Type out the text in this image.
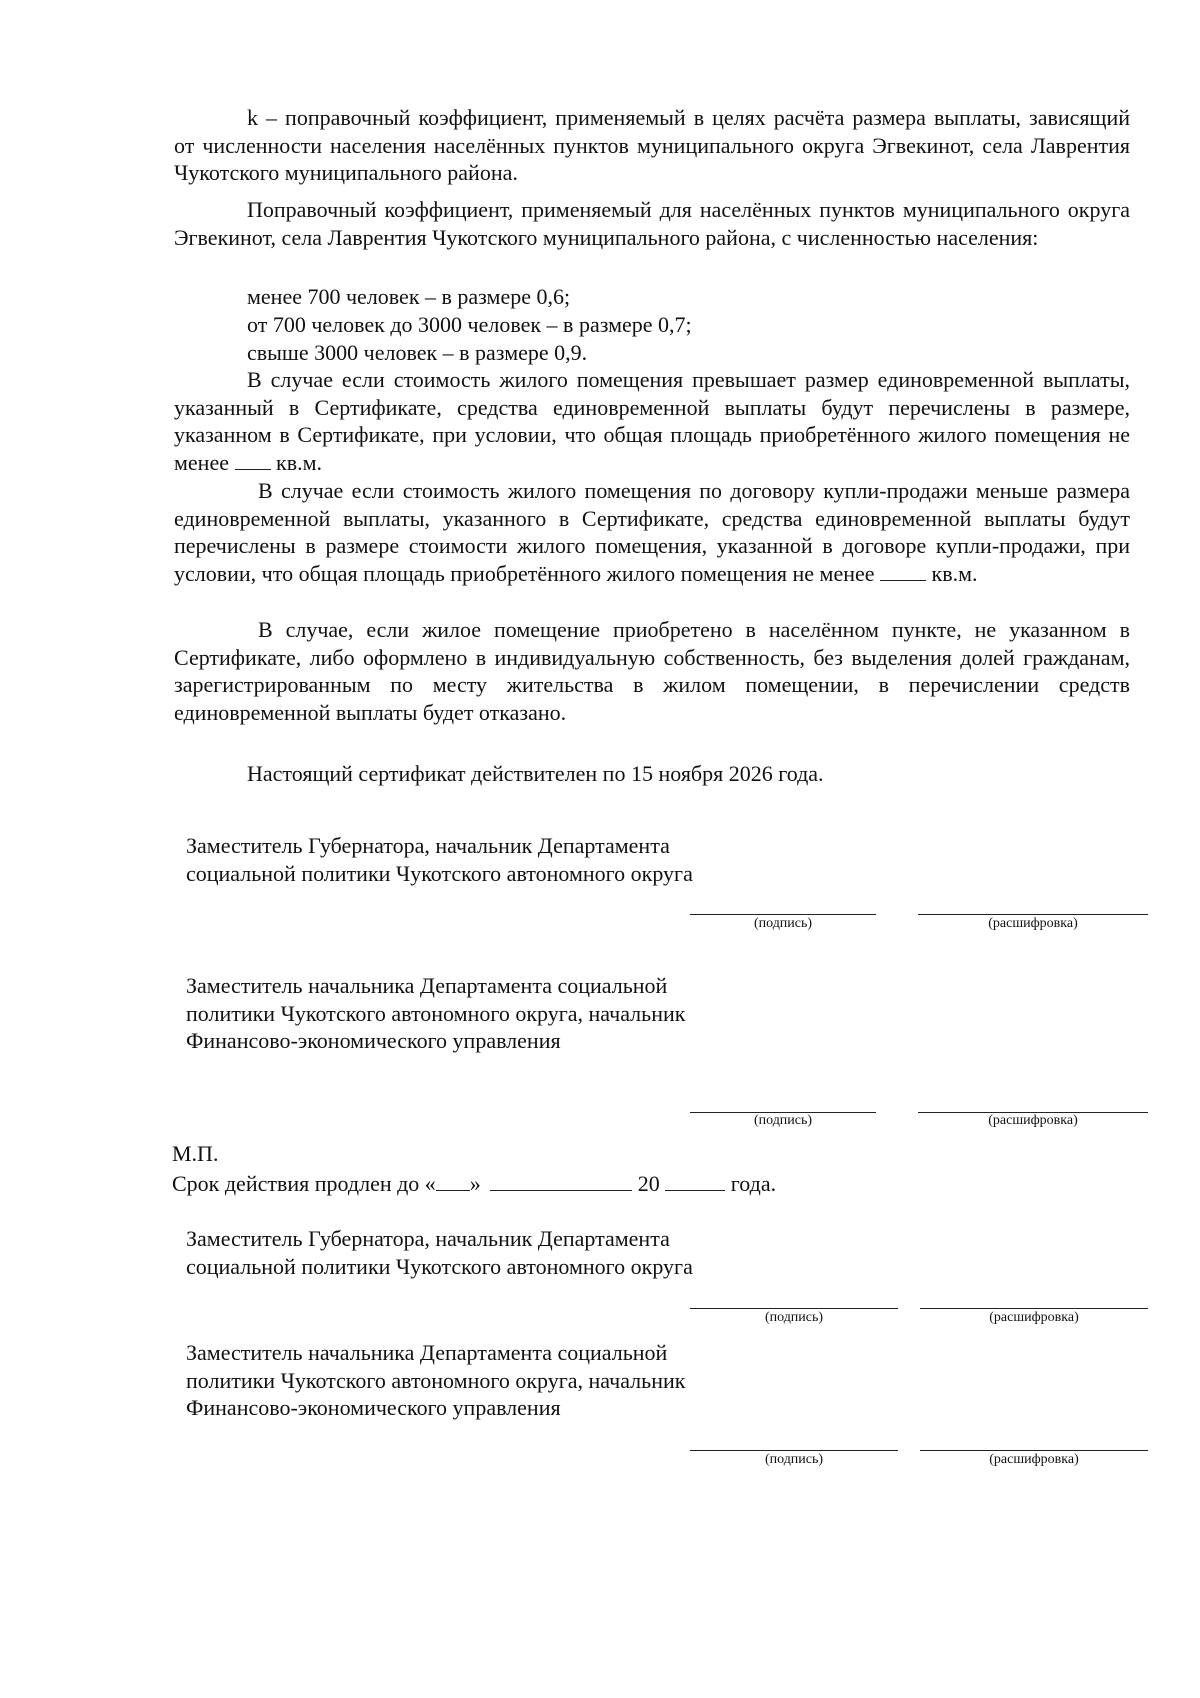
k – поправочный коэффициент, применяемый в целях расчёта размера выплаты, зависящий от численности населения населённых пунктов муниципального округа Эгвекинот, села Лаврентия Чукотского муниципального района.

Поправочный коэффициент, применяемый для населённых пунктов муниципального округа Эгвекинот, села Лаврентия Чукотского муниципального района, с численностью населения:

менее 700 человек – в размере 0,6;

от 700 человек до 3000 человек – в размере 0,7;

свыше 3000 человек – в размере 0,9.

В случае если стоимость жилого помещения превышает размер единовременной выплаты, указанный в Сертификате, средства единовременной выплаты будут перечислены в размере, указанном в Сертификате, при условии, что общая площадь приобретённого жилого помещения не менее кв.м.

В случае если стоимость жилого помещения по договору купли-продажи меньше размера единовременной выплаты, указанного в Сертификате, средства единовременной выплаты будут перечислены в размере стоимости жилого помещения, указанной в договоре купли-продажи, при условии, что общая площадь приобретённого жилого помещения не менее	кв.м.

В случае, если жилое помещение приобретено в населённом пункте, не указанном в Сертификате, либо оформлено в индивидуальную собственность, без выделения долей гражданам, зарегистрированным по месту жительства в жилом помещении, в перечислении средств единовременной выплаты будет отказано.

Настоящий сертификат действителен по 15 ноября 2026 года.

Заместитель Губернатора, начальник Департамента социальной политики Чукотского автономного округа

(подпись)	(расшифровка)

Заместитель начальника Департамента социальной политики Чукотского автономного округа, начальник Финансово-экономического управления

(подпись)	(расшифровка)

М.П.

Срок действия продлен до « »	20	года.

Заместитель Губернатора, начальник Департамента социальной политики Чукотского автономного округа

(подпись)	(расшифровка)

Заместитель начальника Департамента социальной политики Чукотского автономного округа, начальник Финансово-экономического управления

(подпись)	(расшифровка)
